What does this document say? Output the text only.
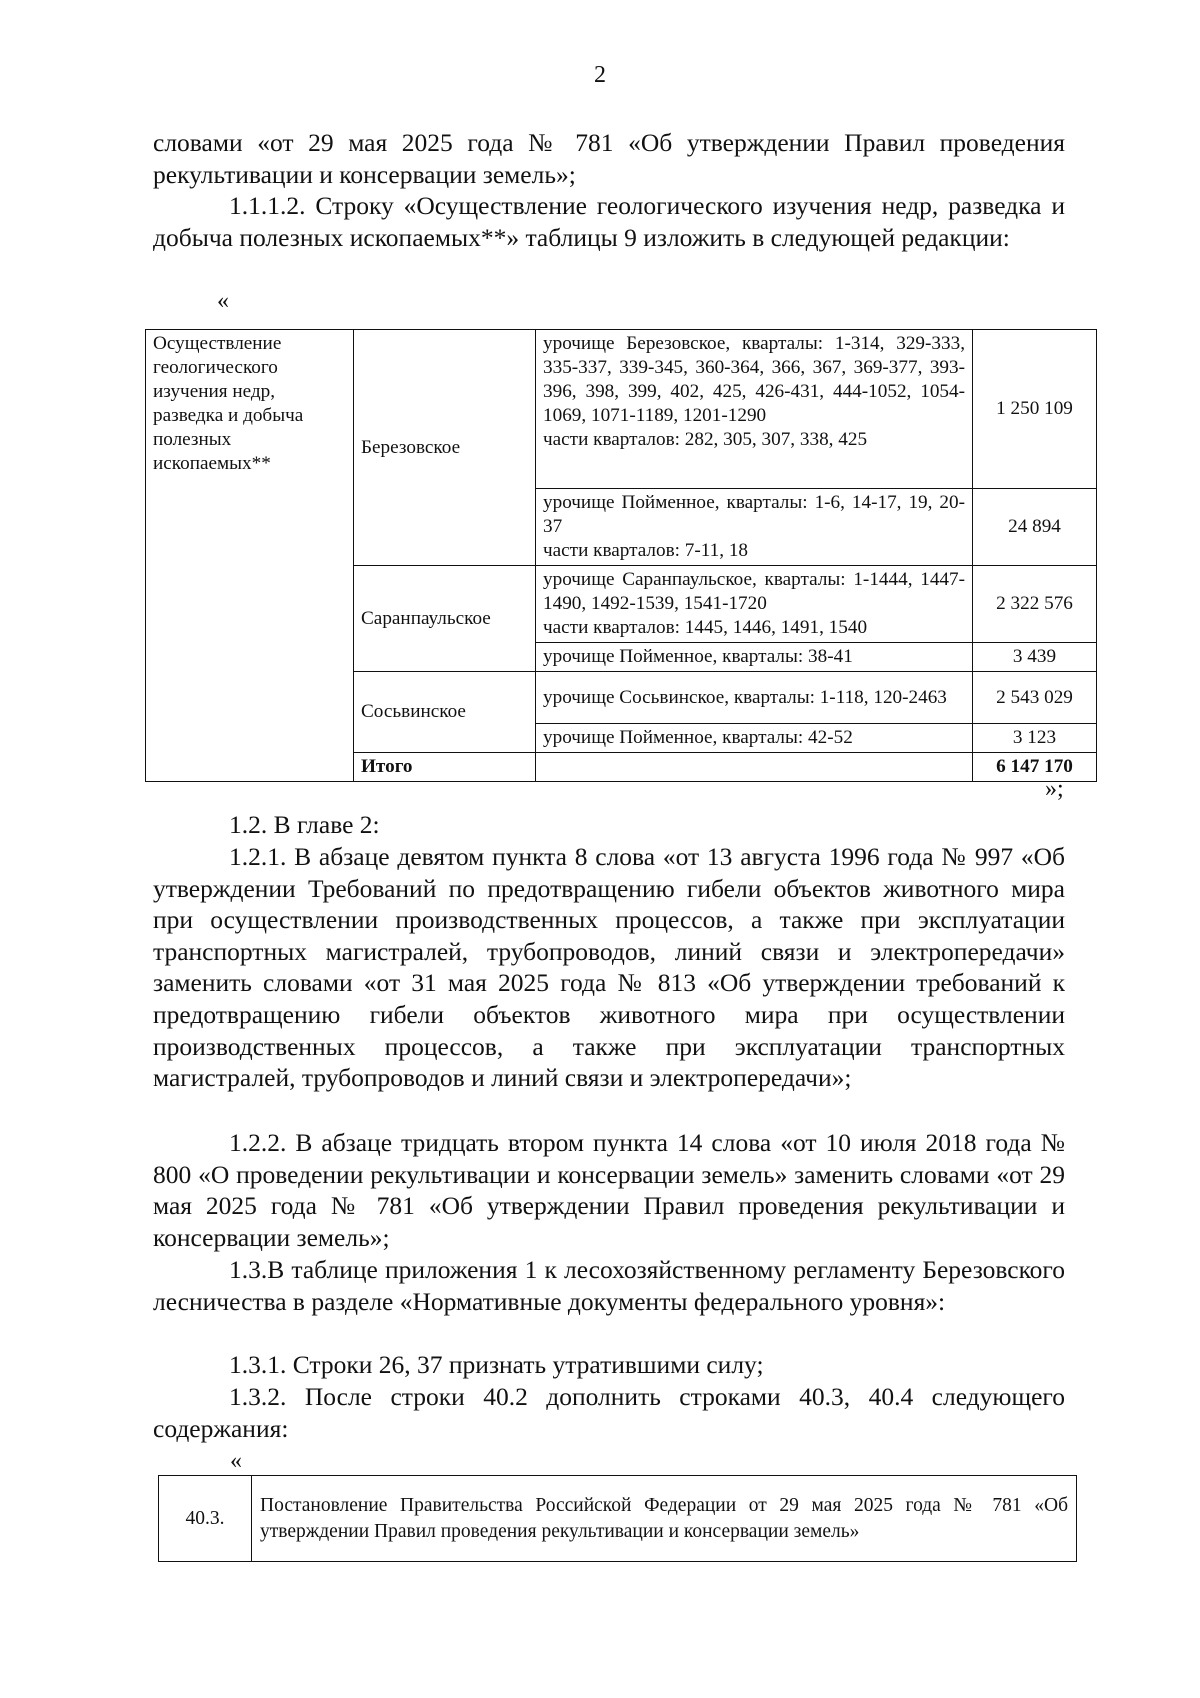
2
словами «от 29 мая 2025 года № 781 «Об утверждении Правил проведения рекультивации и консервации земель»;
1.1.1.2. Строку «Осуществление геологического изучения недр, разведка и добыча полезных ископаемых**» таблицы 9 изложить в следующей редакции:
«
Осуществление геологического изучения недр, разведка и добыча полезных ископаемых**	Березовское	урочище Березовское, кварталы: 1-314, 329-333, 335-337, 339-345, 360-364, 366, 367, 369-377, 393-396, 398, 399, 402, 425, 426-431, 444-1052, 1054-1069, 1071-1189, 1201-1290
части кварталов: 282, 305, 307, 338, 425	1 250 109

		урочище Пойменное, кварталы: 1-6, 14-17, 19, 20-37
части кварталов: 7-11, 18	24 894
	Саранпаульское	урочище Саранпаульское, кварталы: 1-1444, 1447-1490, 1492-1539, 1541-1720
части кварталов: 1445, 1446, 1491, 1540	2 322 576
		урочище Пойменное, кварталы: 38-41	3 439
	Сосьвинское	урочище Сосьвинское, кварталы: 1-118, 120-2463	2 543 029
		урочище Пойменное, кварталы: 42-52	3 123
	Итого		6 147 170
»;
1.2. В главе 2:
1.2.1. В абзаце девятом пункта 8 слова «от 13 августа 1996 года № 997 «Об утверждении Требований по предотвращению гибели объектов животного мира при осуществлении производственных процессов, а также при эксплуатации транспортных магистралей, трубопроводов, линий связи и электропередачи» заменить словами «от 31 мая 2025 года № 813 «Об утверждении требований к предотвращению гибели объектов животного мира при осуществлении производственных процессов, а также при эксплуатации транспортных магистралей, трубопроводов и линий связи и электропередачи»;
1.2.2. В абзаце тридцать втором пункта 14 слова «от 10 июля 2018 года № 800 «О проведении рекультивации и консервации земель» заменить словами «от 29 мая 2025 года № 781 «Об утверждении Правил проведения рекультивации и консервации земель»;
1.3.В таблице приложения 1 к лесохозяйственному регламенту Березовского лесничества в разделе «Нормативные документы федерального уровня»:
1.3.1. Строки 26, 37 признать утратившими силу;
1.3.2. После строки 40.2 дополнить строками 40.3, 40.4 следующего содержания:
«
40.3.	Постановление Правительства Российской Федерации от 29 мая 2025 года № 781 «Об утверждении Правил проведения рекультивации и консервации земель»
